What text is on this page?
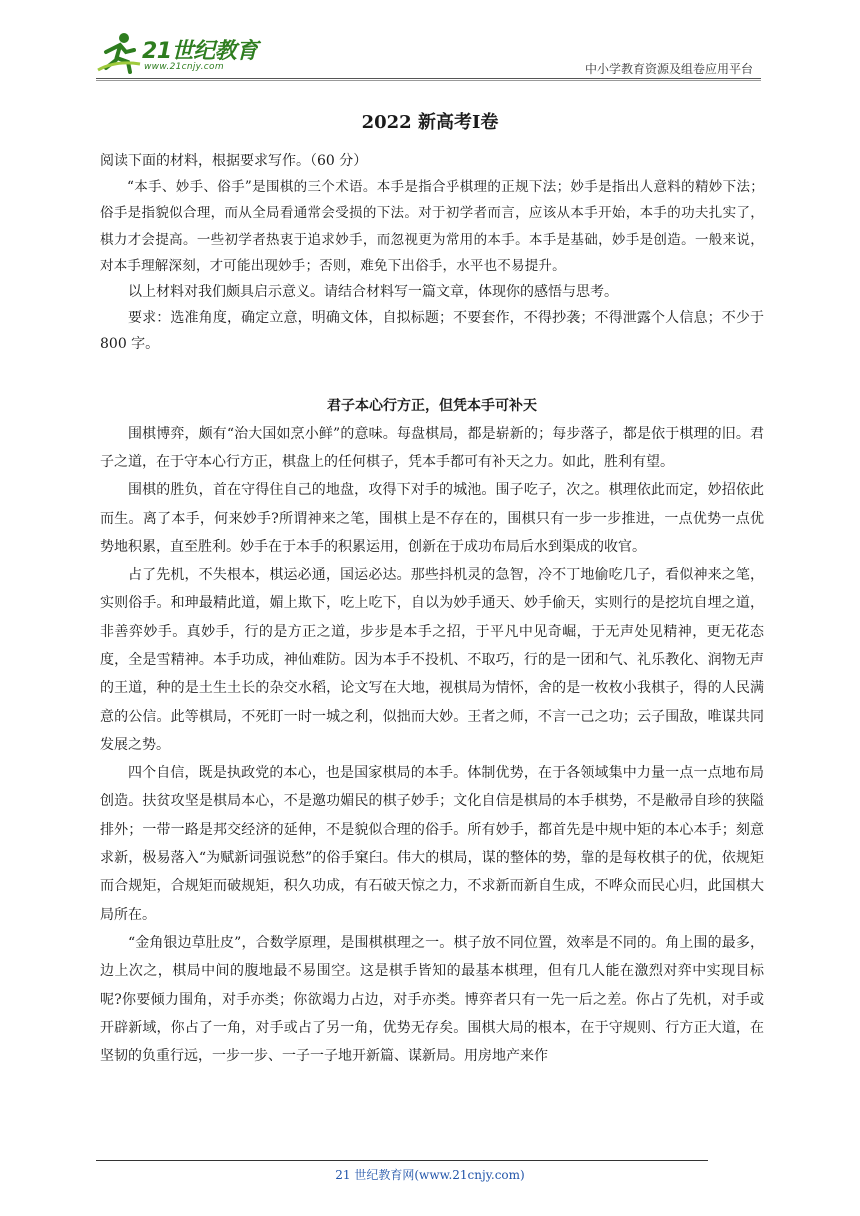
21世纪教育
www.21cnjy.com	中小学教育资源及组卷应用平台
2022 新高考Ⅰ卷

阅读下面的材料，根据要求写作。（60 分）

“本手、妙手、俗手”是围棋的三个术语。本手是指合乎棋理的正规下法；妙手是指出人意料的精妙下法；俗手是指貌似合理，而从全局看通常会受损的下法。对于初学者而言，应该从本手开始，本手的功夫扎实了，棋力才会提高。一些初学者热衷于追求妙手，而忽视更为常用的本手。本手是基础，妙手是创造。一般来说，对本手理解深刻，才可能出现妙手；否则，难免下出俗手，水平也不易提升。

以上材料对我们颇具启示意义。请结合材料写一篇文章，体现你的感悟与思考。

要求：选准角度，确定立意，明确文体，自拟标题；不要套作，不得抄袭；不得泄露个人信息；不少于 800 字。

君子本心行方正，但凭本手可补天

围棋博弈，颇有“治大国如烹小鲜”的意味。每盘棋局，都是崭新的；每步落子，都是依于棋理的旧。君子之道，在于守本心行方正，棋盘上的任何棋子，凭本手都可有补天之力。如此，胜利有望。

围棋的胜负，首在守得住自己的地盘，攻得下对手的城池。围子吃子，次之。棋理依此而定，妙招依此而生。离了本手，何来妙手?所谓神来之笔，围棋上是不存在的，围棋只有一步一步推进，一点优势一点优势地积累，直至胜利。妙手在于本手的积累运用，创新在于成功布局后水到渠成的收官。

占了先机，不失根本，棋运必通，国运必达。那些抖机灵的急智，冷不丁地偷吃几子，看似神来之笔，实则俗手。和珅最精此道，媚上欺下，吃上吃下，自以为妙手通天、妙手偷天，实则行的是挖坑自埋之道，非善弈妙手。真妙手，行的是方正之道，步步是本手之招，于平凡中见奇崛，于无声处见精神，更无花态度，全是雪精神。本手功成，神仙难防。因为本手不投机、不取巧，行的是一团和气、礼乐教化、润物无声的王道，种的是土生土长的杂交水稻，论文写在大地，视棋局为情怀，舍的是一枚枚小我棋子，得的人民满意的公信。此等棋局，不死盯一时一城之利，似拙而大妙。王者之师，不言一己之功；云子围敌，唯谋共同发展之势。

四个自信，既是执政党的本心，也是国家棋局的本手。体制优势，在于各领域集中力量一点一点地布局创造。扶贫攻坚是棋局本心，不是邀功媚民的棋子妙手；文化自信是棋局的本手棋势，不是敝帚自珍的狭隘排外；一带一路是邦交经济的延伸，不是貌似合理的俗手。所有妙手，都首先是中规中矩的本心本手；刻意求新，极易落入“为赋新词强说愁”的俗手窠臼。伟大的棋局，谋的整体的势，靠的是每枚棋子的优，依规矩而合规矩，合规矩而破规矩，积久功成，有石破天惊之力，不求新而新自生成，不哗众而民心归，此国棋大局所在。

“金角银边草肚皮”，合数学原理，是围棋棋理之一。棋子放不同位置，效率是不同的。角上围的最多，边上次之，棋局中间的腹地最不易围空。这是棋手皆知的最基本棋理，但有几人能在激烈对弈中实现目标呢?你要倾力围角，对手亦类；你欲竭力占边，对手亦类。博弈者只有一先一后之差。你占了先机，对手或开辟新域，你占了一角，对手或占了另一角，优势无存矣。围棋大局的根本，在于守规则、行方正大道，在坚韧的负重行远，一步一步、一子一子地开新篇、谋新局。用房地产来作

21 世纪教育网(www.21cnjy.com)
